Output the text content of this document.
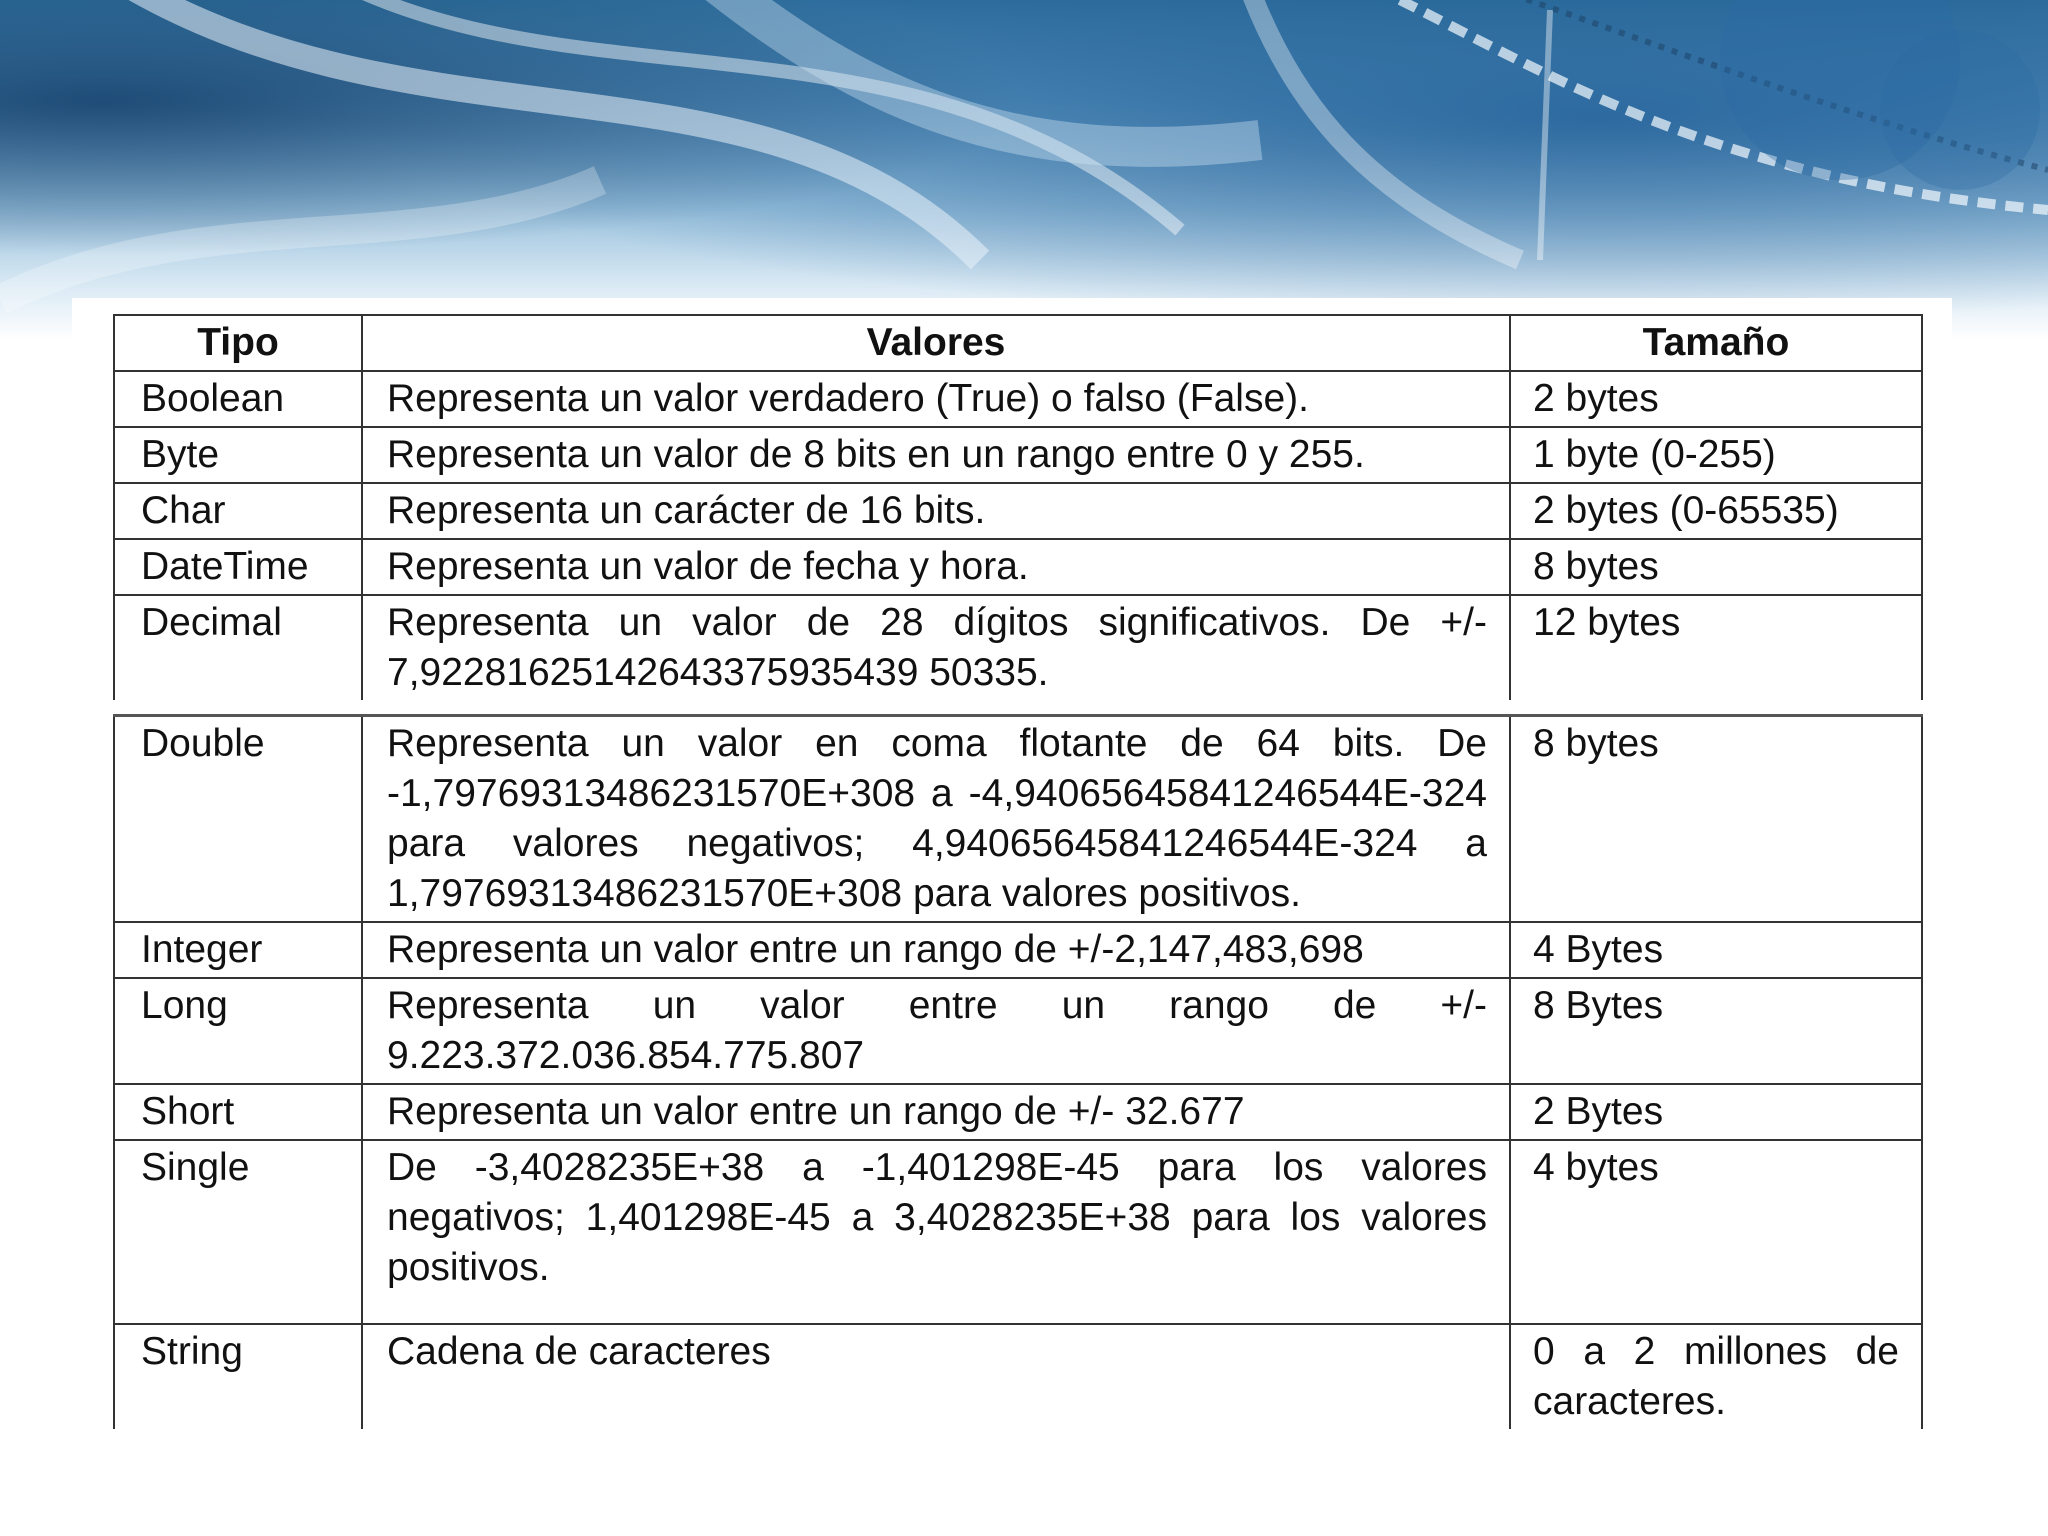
Tipo	Valores	Tamaño
Boolean	Representa un valor verdadero (True) o falso (False).	2 bytes
Byte	Representa un valor de 8 bits en un rango entre 0 y 255.	1 byte (0-255)
Char	Representa un carácter de 16 bits.	2 bytes (0-65535)
DateTime	Representa un valor de fecha y hora.	8 bytes
Decimal	Representa un valor de 28 dígitos significativos. De +/- 7,92281625142643375935439 50335.	12 bytes
Double	Representa un valor en coma flotante de 64 bits. De -1,79769313486231570E+308 a -4,94065645841246544E-324 para valores negativos; 4,94065645841246544E-324 a 1,79769313486231570E+308 para valores positivos.	8 bytes
Integer	Representa un valor entre un rango de +/-2,147,483,698	4 Bytes
Long	Representa un valor entre un rango de +/- 9.223.372.036.854.775.807	8 Bytes
Short	Representa un valor entre un rango de +/- 32.677	2 Bytes
Single	De -3,4028235E+38 a -1,401298E-45 para los valores negativos; 1,401298E-45 a 3,4028235E+38 para los valores positivos.	4 bytes
String	Cadena de caracteres	0 a 2 millones de caracteres.
